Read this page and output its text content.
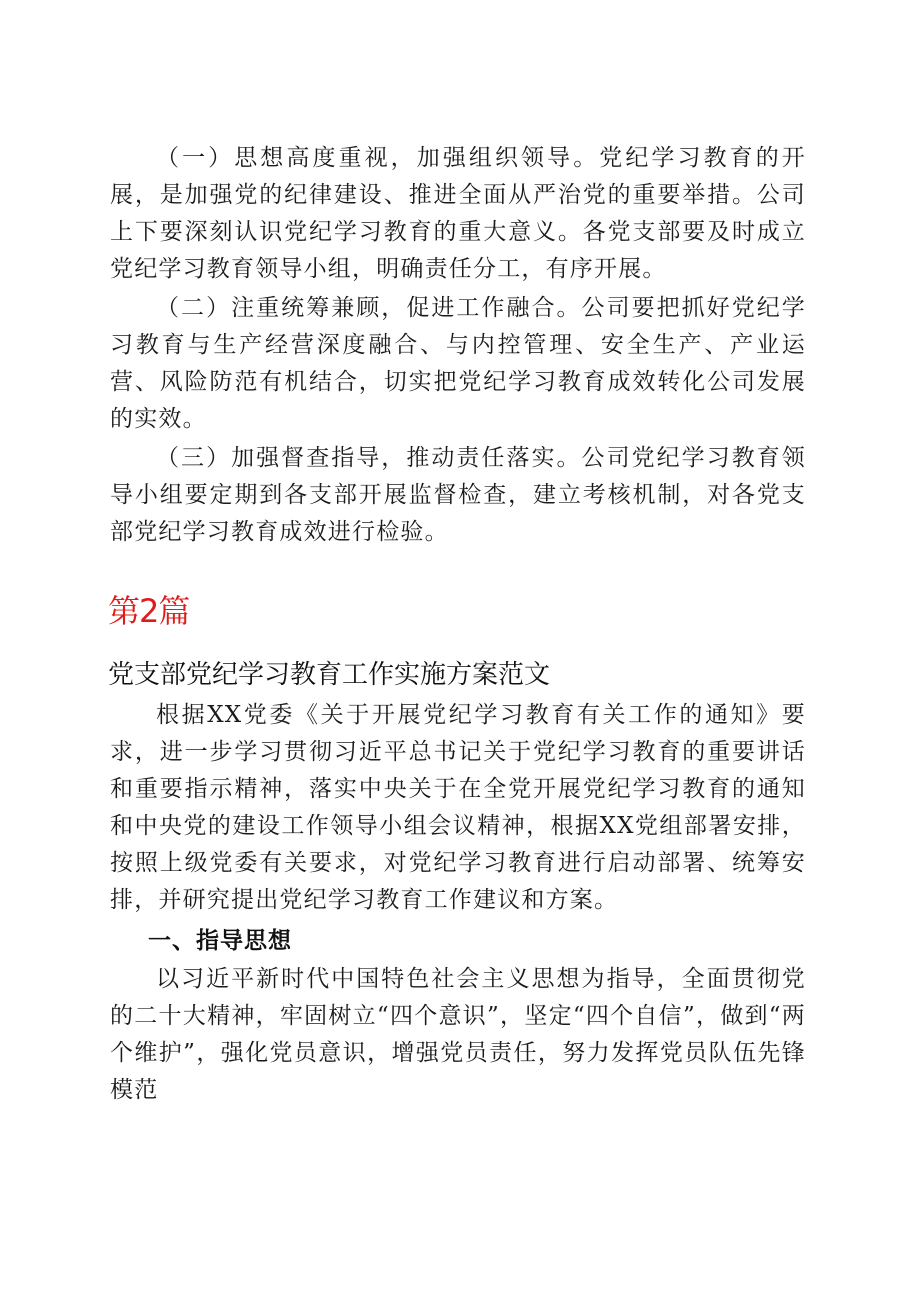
（一）思想高度重视，加强组织领导。党纪学习教育的开展，是加强党的纪律建设、推进全面从严治党的重要举措。公司上下要深刻认识党纪学习教育的重大意义。各党支部要及时成立党纪学习教育领导小组，明确责任分工，有序开展。

（二）注重统筹兼顾，促进工作融合。公司要把抓好党纪学习教育与生产经营深度融合、与内控管理、安全生产、产业运营、风险防范有机结合，切实把党纪学习教育成效转化公司发展的实效。

（三）加强督查指导，推动责任落实。公司党纪学习教育领导小组要定期到各支部开展监督检查，建立考核机制，对各党支部党纪学习教育成效进行检验。

第2篇
党支部党纪学习教育工作实施方案范文

根据XX党委《关于开展党纪学习教育有关工作的通知》要求，进一步学习贯彻习近平总书记关于党纪学习教育的重要讲话和重要指示精神，落实中央关于在全党开展党纪学习教育的通知和中央党的建设工作领导小组会议精神，根据XX党组部署安排，按照上级党委有关要求，对党纪学习教育进行启动部署、统筹安排，并研究提出党纪学习教育工作建议和方案。

一、指导思想

以习近平新时代中国特色社会主义思想为指导，全面贯彻党的二十大精神，牢固树立“四个意识”，坚定“四个自信”，做到“两个维护”，强化党员意识，增强党员责任，努力发挥党员队伍先锋模范
